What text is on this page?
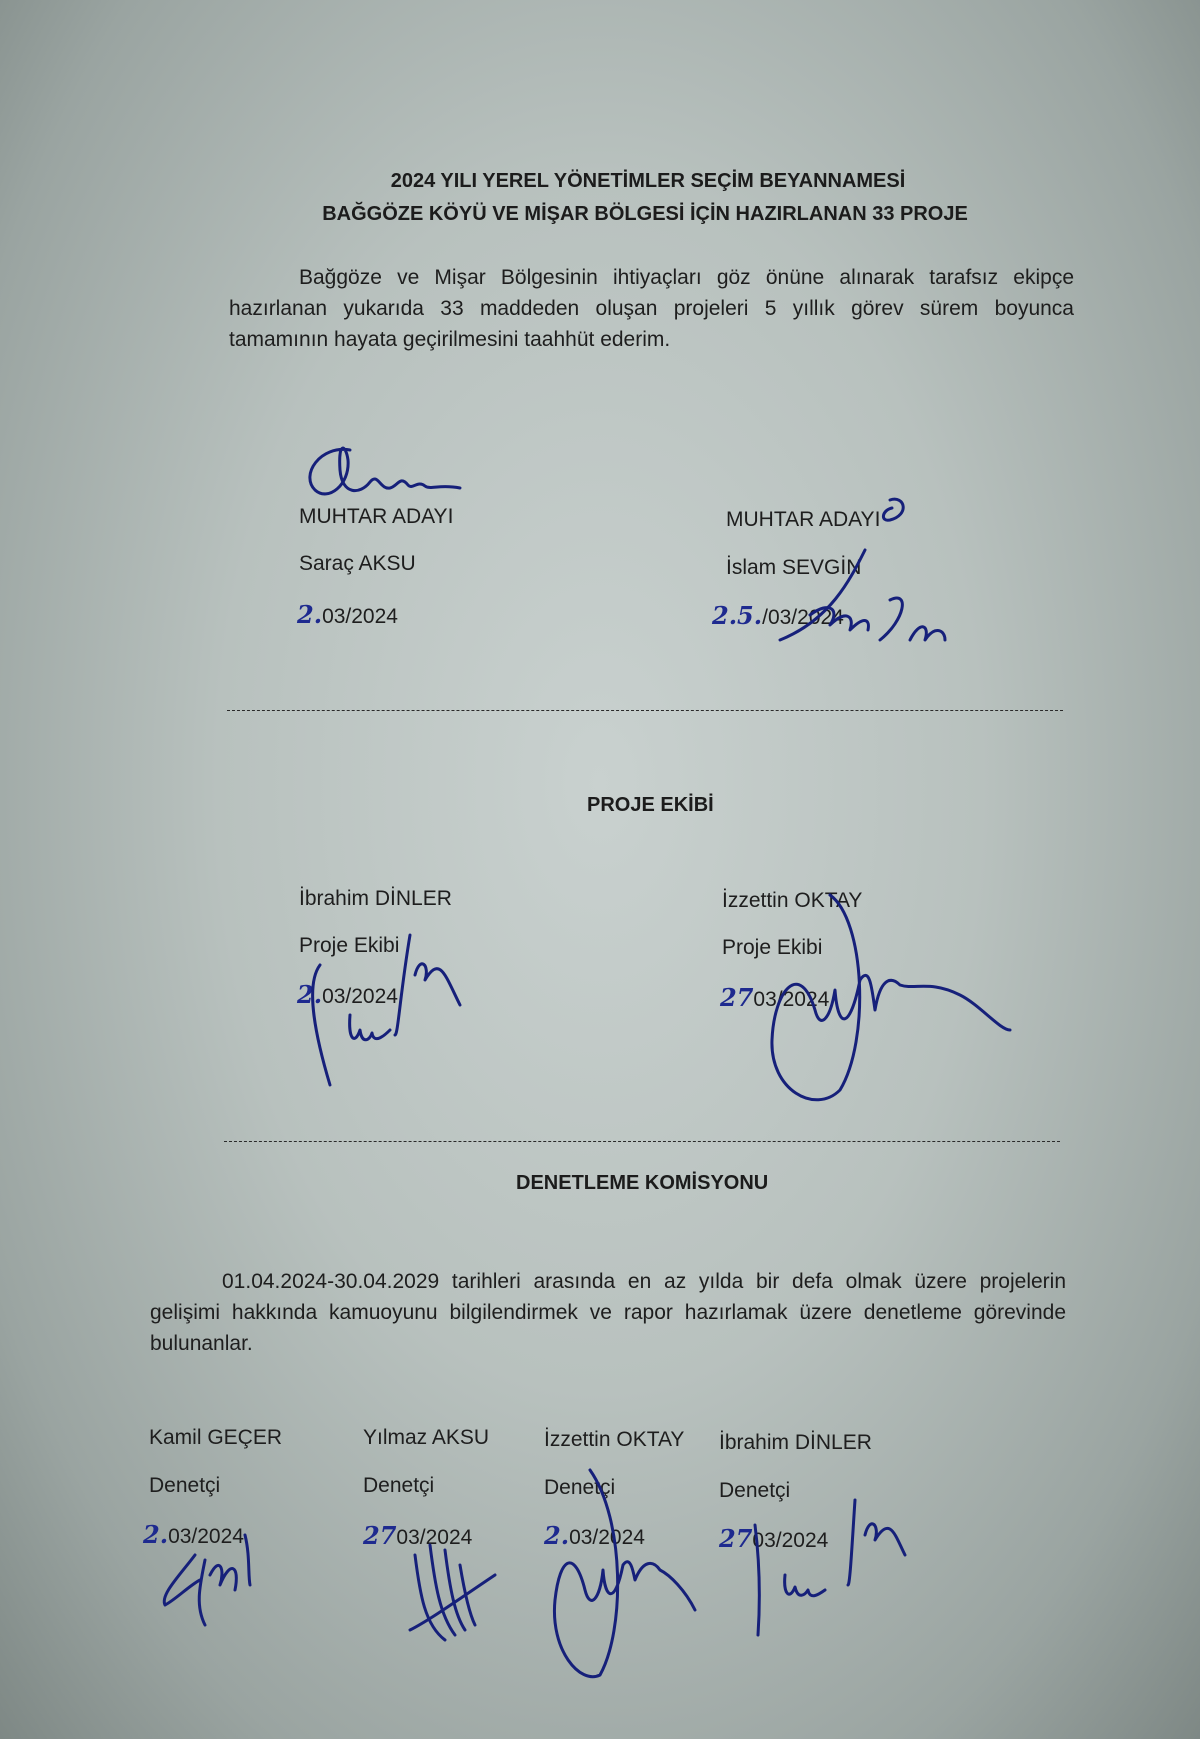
2024 YILI YEREL YÖNETİMLER SEÇİM BEYANNAMESİ
BAĞGÖZE KÖYÜ VE MİŞAR BÖLGESİ İÇİN HAZIRLANAN 33 PROJE
Bağgöze ve Mişar Bölgesinin ihtiyaçları göz önüne alınarak tarafsız ekipçe hazırlanan yukarıda 33 maddeden oluşan projeleri 5 yıllık görev sürem boyunca tamamının hayata geçirilmesini taahhüt ederim.
MUHTAR ADAYI
Saraç AKSU
2.03/2024
MUHTAR ADAYI
İslam SEVGİN
2.5./03/2024
PROJE EKİBİ
İbrahim DİNLER
Proje Ekibi
2.03/2024
İzzettin OKTAY
Proje Ekibi
2703/2024
DENETLEME KOMİSYONU
01.04.2024-30.04.2029 tarihleri arasında en az yılda bir defa olmak üzere projelerin gelişimi hakkında kamuoyunu bilgilendirmek ve rapor hazırlamak üzere denetleme görevinde bulunanlar.
Kamil GEÇER
Denetçi
2.03/2024
Yılmaz AKSU
Denetçi
2703/2024
İzzettin OKTAY
Denetçi
2.03/2024
İbrahim DİNLER
Denetçi
2703/2024
